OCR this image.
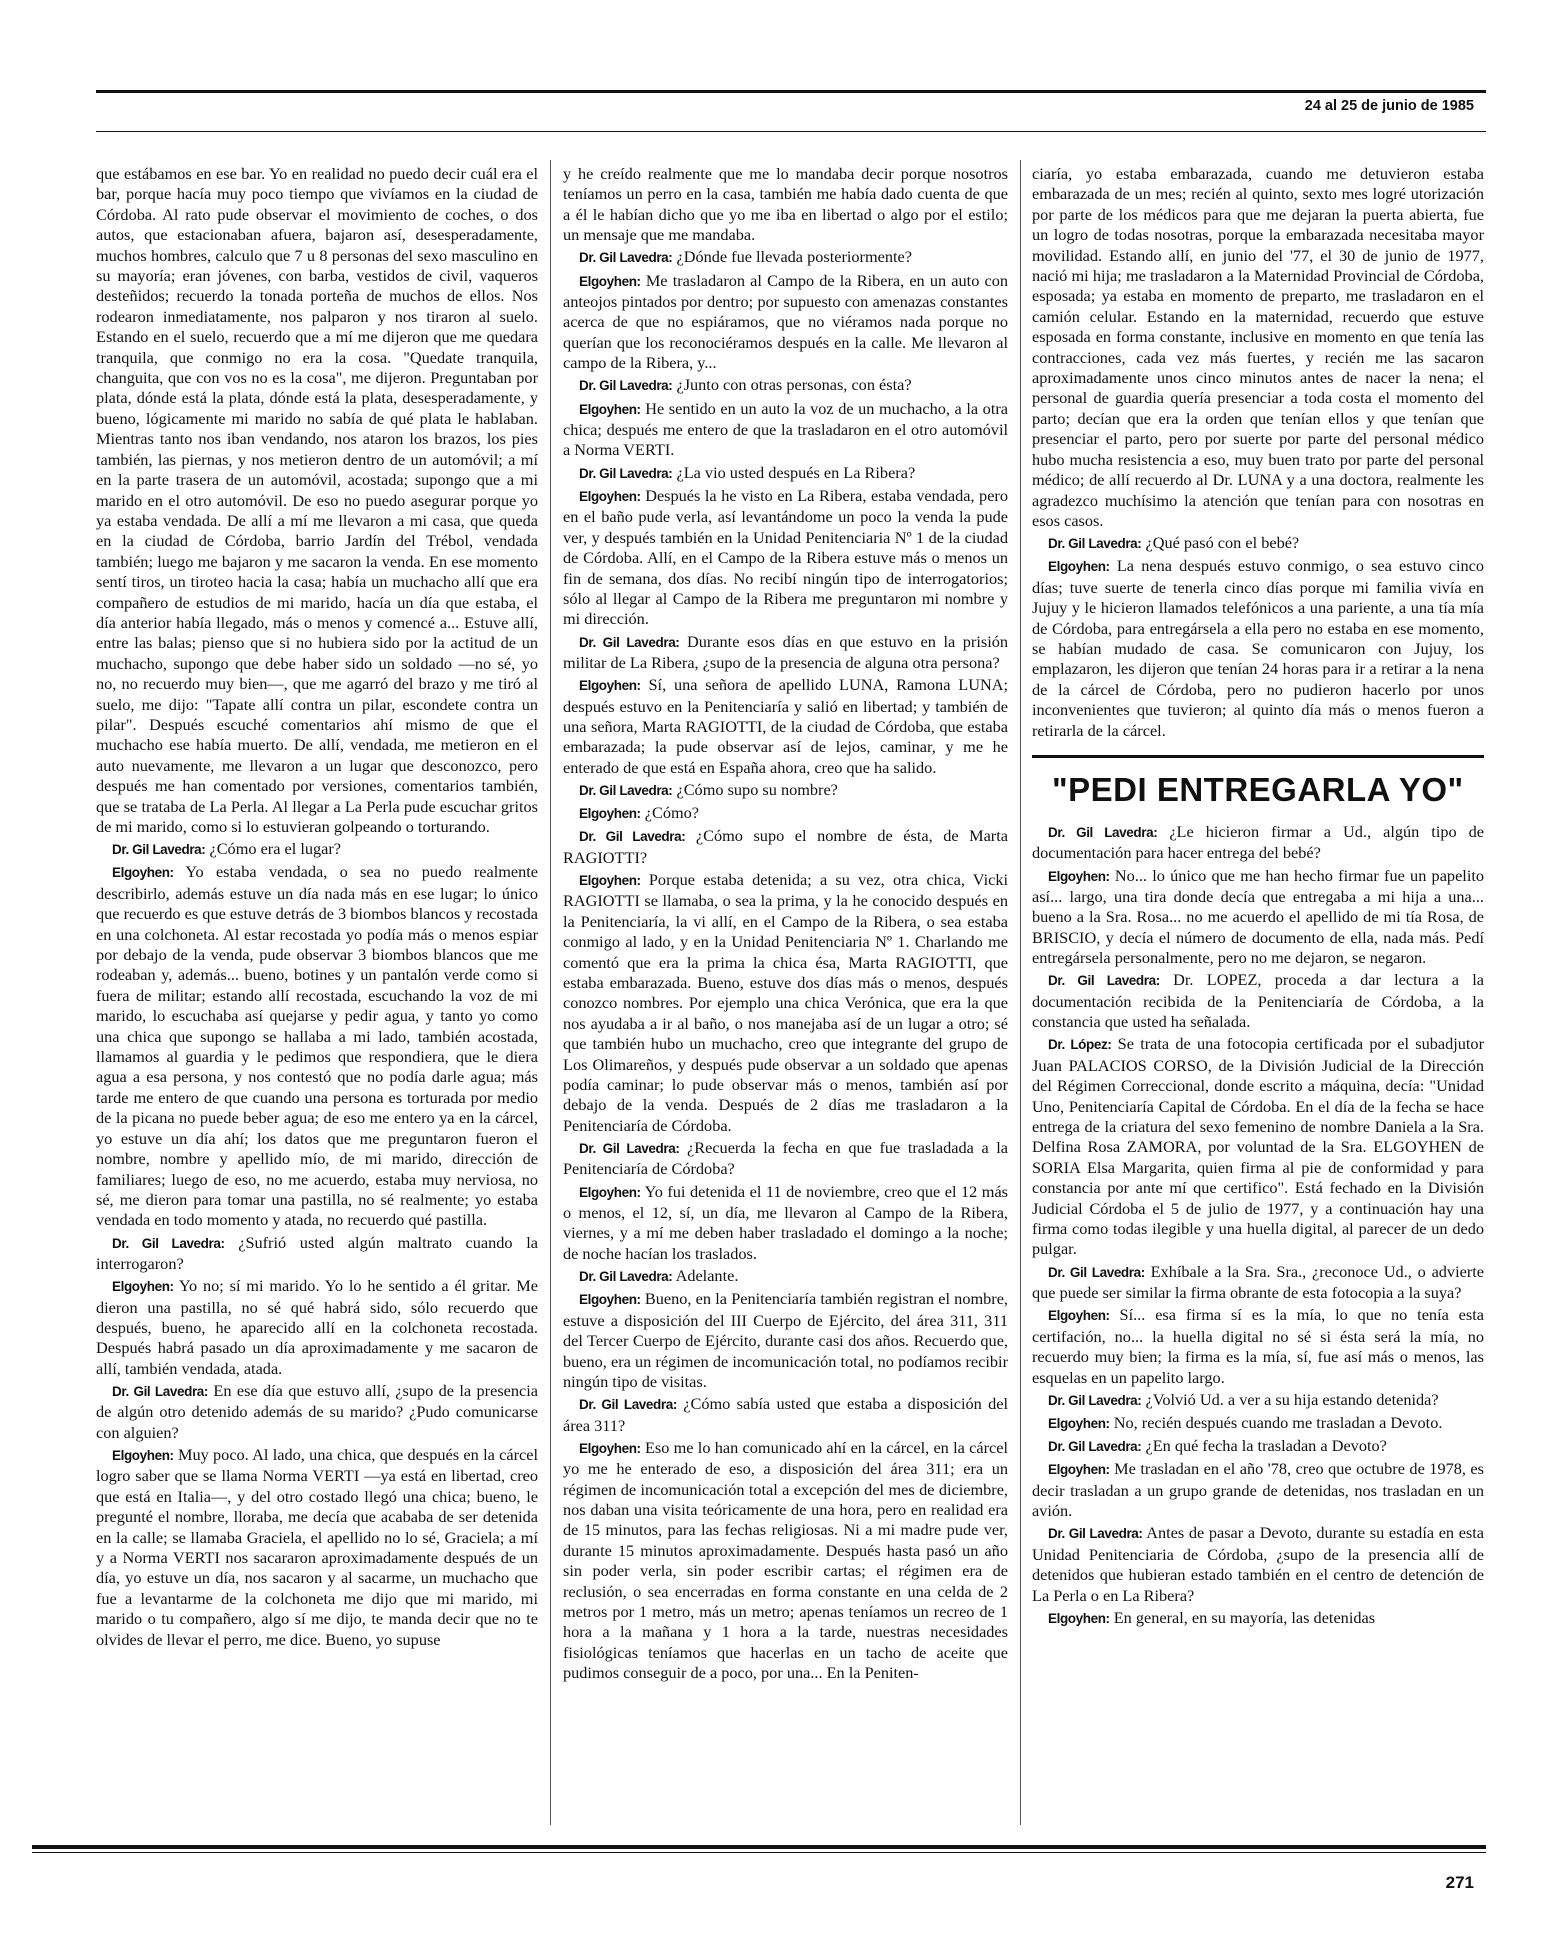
24 al 25 de junio de 1985

que estábamos en ese bar. Yo en realidad no puedo decir cuál era el bar, porque hacía muy poco tiempo que vivíamos en la ciudad de Córdoba. Al rato pude observar el movimiento de coches, o dos autos, que estacionaban afuera, bajaron así, desesperadamente, muchos hombres, calculo que 7 u 8 personas del sexo masculino en su mayoría; eran jóvenes, con barba, vestidos de civil, vaqueros desteñidos; recuerdo la tonada porteña de muchos de ellos. Nos rodearon inmediatamente, nos palparon y nos tiraron al suelo. Estando en el suelo, recuerdo que a mí me dijeron que me quedara tranquila, que conmigo no era la cosa. "Quedate tranquila, changuita, que con vos no es la cosa", me dijeron. Preguntaban por plata, dónde está la plata, dónde está la plata, desesperadamente, y bueno, lógicamente mi marido no sabía de qué plata le hablaban. Mientras tanto nos iban vendando, nos ataron los brazos, los pies también, las piernas, y nos metieron dentro de un automóvil; a mí en la parte trasera de un automóvil, acostada; supongo que a mi marido en el otro automóvil. De eso no puedo asegurar porque yo ya estaba vendada. De allí a mí me llevaron a mi casa, que queda en la ciudad de Córdoba, barrio Jardín del Trébol, vendada también; luego me bajaron y me sacaron la venda. En ese momento sentí tiros, un tiroteo hacia la casa; había un muchacho allí que era compañero de estudios de mi marido, hacía un día que estaba, el día anterior había llegado, más o menos y comencé a... Estuve allí, entre las balas; pienso que si no hubiera sido por la actitud de un muchacho, supongo que debe haber sido un soldado —no sé, yo no, no recuerdo muy bien—, que me agarró del brazo y me tiró al suelo, me dijo: "Tapate allí contra un pilar, escondete contra un pilar". Después escuché comentarios ahí mismo de que el muchacho ese había muerto. De allí, vendada, me metieron en el auto nuevamente, me llevaron a un lugar que desconozco, pero después me han comentado por versiones, comentarios también, que se trataba de La Perla. Al llegar a La Perla pude escuchar gritos de mi marido, como si lo estuvieran golpeando o torturando.

Dr. Gil Lavedra: ¿Cómo era el lugar?

Elgoyhen: Yo estaba vendada, o sea no puedo realmente describirlo, además estuve un día nada más en ese lugar; lo único que recuerdo es que estuve detrás de 3 biombos blancos y recostada en una colchoneta. Al estar recostada yo podía más o menos espiar por debajo de la venda, pude observar 3 biombos blancos que me rodeaban y, además... bueno, botines y un pantalón verde como si fuera de militar; estando allí recostada, escuchando la voz de mi marido, lo escuchaba así quejarse y pedir agua, y tanto yo como una chica que supongo se hallaba a mi lado, también acostada, llamamos al guardia y le pedimos que respondiera, que le diera agua a esa persona, y nos contestó que no podía darle agua; más tarde me entero de que cuando una persona es torturada por medio de la picana no puede beber agua; de eso me entero ya en la cárcel, yo estuve un día ahí; los datos que me preguntaron fueron el nombre, nombre y apellido mío, de mi marido, dirección de familiares; luego de eso, no me acuerdo, estaba muy nerviosa, no sé, me dieron para tomar una pastilla, no sé realmente; yo estaba vendada en todo momento y atada, no recuerdo qué pastilla.

Dr. Gil Lavedra: ¿Sufrió usted algún maltrato cuando la interrogaron?

Elgoyhen: Yo no; sí mi marido. Yo lo he sentido a él gritar. Me dieron una pastilla, no sé qué habrá sido, sólo recuerdo que después, bueno, he aparecido allí en la colchoneta recostada. Después habrá pasado un día aproximadamente y me sacaron de allí, también vendada, atada.

Dr. Gil Lavedra: En ese día que estuvo allí, ¿supo de la presencia de algún otro detenido además de su marido? ¿Pudo comunicarse con alguien?

Elgoyhen: Muy poco. Al lado, una chica, que después en la cárcel logro saber que se llama Norma VERTI —ya está en libertad, creo que está en Italia—, y del otro costado llegó una chica; bueno, le pregunté el nombre, lloraba, me decía que acababa de ser detenida en la calle; se llamaba Graciela, el apellido no lo sé, Graciela; a mí y a Norma VERTI nos sacararon aproximadamente después de un día, yo estuve un día, nos sacaron y al sacarme, un muchacho que fue a levantarme de la colchoneta me dijo que mi marido, mi marido o tu compañero, algo sí me dijo, te manda decir que no te olvides de llevar el perro, me dice. Bueno, yo supuse

y he creído realmente que me lo mandaba decir porque nosotros teníamos un perro en la casa, también me había dado cuenta de que a él le habían dicho que yo me iba en libertad o algo por el estilo; un mensaje que me mandaba.

Dr. Gil Lavedra: ¿Dónde fue llevada posteriormente?

Elgoyhen: Me trasladaron al Campo de la Ribera, en un auto con anteojos pintados por dentro; por supuesto con amenazas constantes acerca de que no espiáramos, que no viéramos nada porque no querían que los reconociéramos después en la calle. Me llevaron al campo de la Ribera, y...

Dr. Gil Lavedra: ¿Junto con otras personas, con ésta?

Elgoyhen: He sentido en un auto la voz de un muchacho, a la otra chica; después me entero de que la trasladaron en el otro automóvil a Norma VERTI.

Dr. Gil Lavedra: ¿La vio usted después en La Ribera?

Elgoyhen: Después la he visto en La Ribera, estaba vendada, pero en el baño pude verla, así levantándome un poco la venda la pude ver, y después también en la Unidad Penitenciaria Nº 1 de la ciudad de Córdoba. Allí, en el Campo de la Ribera estuve más o menos un fin de semana, dos días. No recibí ningún tipo de interrogatorios; sólo al llegar al Campo de la Ribera me preguntaron mi nombre y mi dirección.

Dr. Gil Lavedra: Durante esos días en que estuvo en la prisión militar de La Ribera, ¿supo de la presencia de alguna otra persona?

Elgoyhen: Sí, una señora de apellido LUNA, Ramona LUNA; después estuvo en la Penitenciaría y salió en libertad; y también de una señora, Marta RAGIOTTI, de la ciudad de Córdoba, que estaba embarazada; la pude observar así de lejos, caminar, y me he enterado de que está en España ahora, creo que ha salido.

Dr. Gil Lavedra: ¿Cómo supo su nombre?

Elgoyhen: ¿Cómo?

Dr. Gil Lavedra: ¿Cómo supo el nombre de ésta, de Marta RAGIOTTI?

Elgoyhen: Porque estaba detenida; a su vez, otra chica, Vicki RAGIOTTI se llamaba, o sea la prima, y la he conocido después en la Penitenciaría, la vi allí, en el Campo de la Ribera, o sea estaba conmigo al lado, y en la Unidad Penitenciaria Nº 1. Charlando me comentó que era la prima la chica ésa, Marta RAGIOTTI, que estaba embarazada. Bueno, estuve dos días más o menos, después conozco nombres. Por ejemplo una chica Verónica, que era la que nos ayudaba a ir al baño, o nos manejaba así de un lugar a otro; sé que también hubo un muchacho, creo que integrante del grupo de Los Olimareños, y después pude observar a un soldado que apenas podía caminar; lo pude observar más o menos, también así por debajo de la venda. Después de 2 días me trasladaron a la Penitenciaría de Córdoba.

Dr. Gil Lavedra: ¿Recuerda la fecha en que fue trasladada a la Penitenciaría de Córdoba?

Elgoyhen: Yo fui detenida el 11 de noviembre, creo que el 12 más o menos, el 12, sí, un día, me llevaron al Campo de la Ribera, viernes, y a mí me deben haber trasladado el domingo a la noche; de noche hacían los traslados.

Dr. Gil Lavedra: Adelante.

Elgoyhen: Bueno, en la Penitenciaría también registran el nombre, estuve a disposición del III Cuerpo de Ejército, del área 311, 311 del Tercer Cuerpo de Ejército, durante casi dos años. Recuerdo que, bueno, era un régimen de incomunicación total, no podíamos recibir ningún tipo de visitas.

Dr. Gil Lavedra: ¿Cómo sabía usted que estaba a disposición del área 311?

Elgoyhen: Eso me lo han comunicado ahí en la cárcel, en la cárcel yo me he enterado de eso, a disposición del área 311; era un régimen de incomunicación total a excepción del mes de diciembre, nos daban una visita teóricamente de una hora, pero en realidad era de 15 minutos, para las fechas religiosas. Ni a mi madre pude ver, durante 15 minutos aproximadamente. Después hasta pasó un año sin poder verla, sin poder escribir cartas; el régimen era de reclusión, o sea encerradas en forma constante en una celda de 2 metros por 1 metro, más un metro; apenas teníamos un recreo de 1 hora a la mañana y 1 hora a la tarde, nuestras necesidades fisiológicas teníamos que hacerlas en un tacho de aceite que pudimos conseguir de a poco, por una... En la Peniten-

ciaría, yo estaba embarazada, cuando me detuvieron estaba embarazada de un mes; recién al quinto, sexto mes logré utorización por parte de los médicos para que me dejaran la puerta abierta, fue un logro de todas nosotras, porque la embarazada necesitaba mayor movilidad. Estando allí, en junio del '77, el 30 de junio de 1977, nació mi hija; me trasladaron a la Maternidad Provincial de Córdoba, esposada; ya estaba en momento de preparto, me trasladaron en el camión celular. Estando en la maternidad, recuerdo que estuve esposada en forma constante, inclusive en momento en que tenía las contracciones, cada vez más fuertes, y recién me las sacaron aproximadamente unos cinco minutos antes de nacer la nena; el personal de guardia quería presenciar a toda costa el momento del parto; decían que era la orden que tenían ellos y que tenían que presenciar el parto, pero por suerte por parte del personal médico hubo mucha resistencia a eso, muy buen trato por parte del personal médico; de allí recuerdo al Dr. LUNA y a una doctora, realmente les agradezco muchísimo la atención que tenían para con nosotras en esos casos.

Dr. Gil Lavedra: ¿Qué pasó con el bebé?

Elgoyhen: La nena después estuvo conmigo, o sea estuvo cinco días; tuve suerte de tenerla cinco días porque mi familia vivía en Jujuy y le hicieron llamados telefónicos a una pariente, a una tía mía de Córdoba, para entregársela a ella pero no estaba en ese momento, se habían mudado de casa. Se comunicaron con Jujuy, los emplazaron, les dijeron que tenían 24 horas para ir a retirar a la nena de la cárcel de Córdoba, pero no pudieron hacerlo por unos inconvenientes que tuvieron; al quinto día más o menos fueron a retirarla de la cárcel.

"PEDI ENTREGARLA YO"

Dr. Gil Lavedra: ¿Le hicieron firmar a Ud., algún tipo de documentación para hacer entrega del bebé?

Elgoyhen: No... lo único que me han hecho firmar fue un papelito así... largo, una tira donde decía que entregaba a mi hija a una... bueno a la Sra. Rosa... no me acuerdo el apellido de mi tía Rosa, de BRISCIO, y decía el número de documento de ella, nada más. Pedí entregársela personalmente, pero no me dejaron, se negaron.

Dr. Gil Lavedra: Dr. LOPEZ, proceda a dar lectura a la documentación recibida de la Penitenciaría de Córdoba, a la constancia que usted ha señalada.

Dr. López: Se trata de una fotocopia certificada por el subadjutor Juan PALACIOS CORSO, de la División Judicial de la Dirección del Régimen Correccional, donde escrito a máquina, decía: "Unidad Uno, Penitenciaría Capital de Córdoba. En el día de la fecha se hace entrega de la criatura del sexo femenino de nombre Daniela a la Sra. Delfina Rosa ZAMORA, por voluntad de la Sra. ELGOYHEN de SORIA Elsa Margarita, quien firma al pie de conformidad y para constancia por ante mí que certifico". Está fechado en la División Judicial Córdoba el 5 de julio de 1977, y a continuación hay una firma como todas ilegible y una huella digital, al parecer de un dedo pulgar.

Dr. Gil Lavedra: Exhíbale a la Sra. Sra., ¿reconoce Ud., o advierte que puede ser similar la firma obrante de esta fotocopia a la suya?

Elgoyhen: Sí... esa firma sí es la mía, lo que no tenía esta certifación, no... la huella digital no sé si ésta será la mía, no recuerdo muy bien; la firma es la mía, sí, fue así más o menos, las esquelas en un papelito largo.

Dr. Gil Lavedra: ¿Volvió Ud. a ver a su hija estando detenida?

Elgoyhen: No, recién después cuando me trasladan a Devoto.

Dr. Gil Lavedra: ¿En qué fecha la trasladan a Devoto?

Elgoyhen: Me trasladan en el año '78, creo que octubre de 1978, es decir trasladan a un grupo grande de detenidas, nos trasladan en un avión.

Dr. Gil Lavedra: Antes de pasar a Devoto, durante su estadía en esta Unidad Penitenciaria de Córdoba, ¿supo de la presencia allí de detenidos que hubieran estado también en el centro de detención de La Perla o en La Ribera?

Elgoyhen: En general, en su mayoría, las detenidas

271
